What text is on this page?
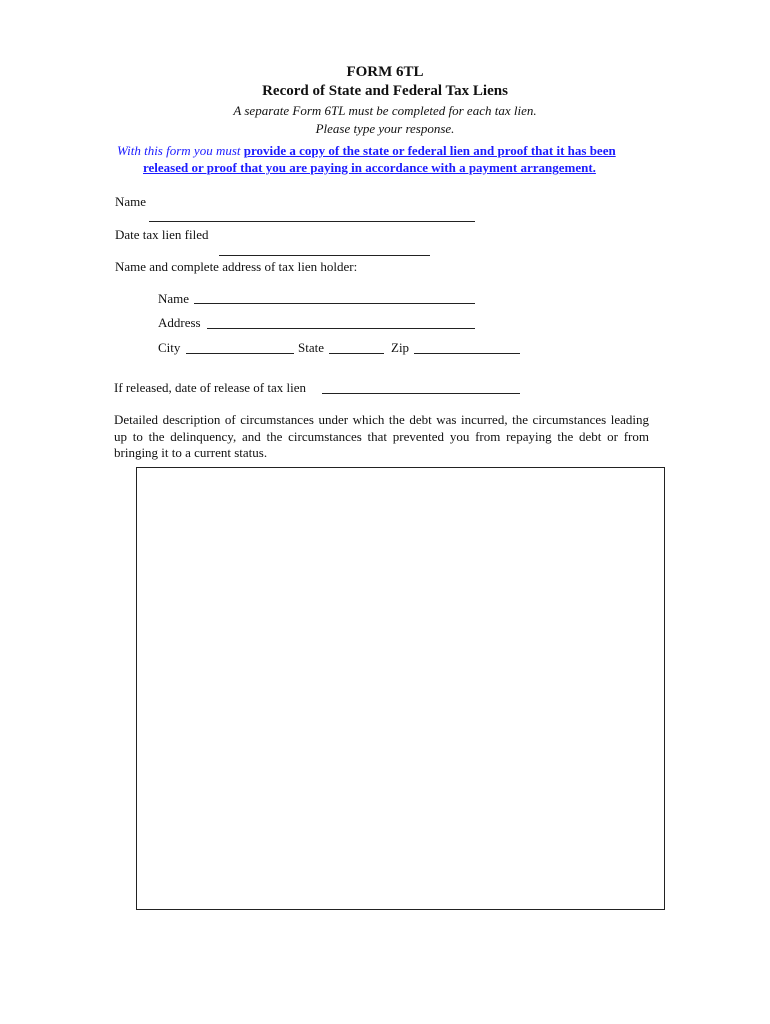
FORM 6TL
Record of State and Federal Tax Liens
A separate Form 6TL must be completed for each tax lien.
Please type your response.
With this form you must provide a copy of the state or federal lien and proof that it has been
released or proof that you are paying in accordance with a payment arrangement.
Name
Date tax lien filed
Name and complete address of tax lien holder:
Name
Address
City	State	Zip
If released, date of release of tax lien
Detailed description of circumstances under which the debt was incurred, the circumstances leading up to the delinquency, and the circumstances that prevented you from repaying the debt or from bringing it to a current status.
